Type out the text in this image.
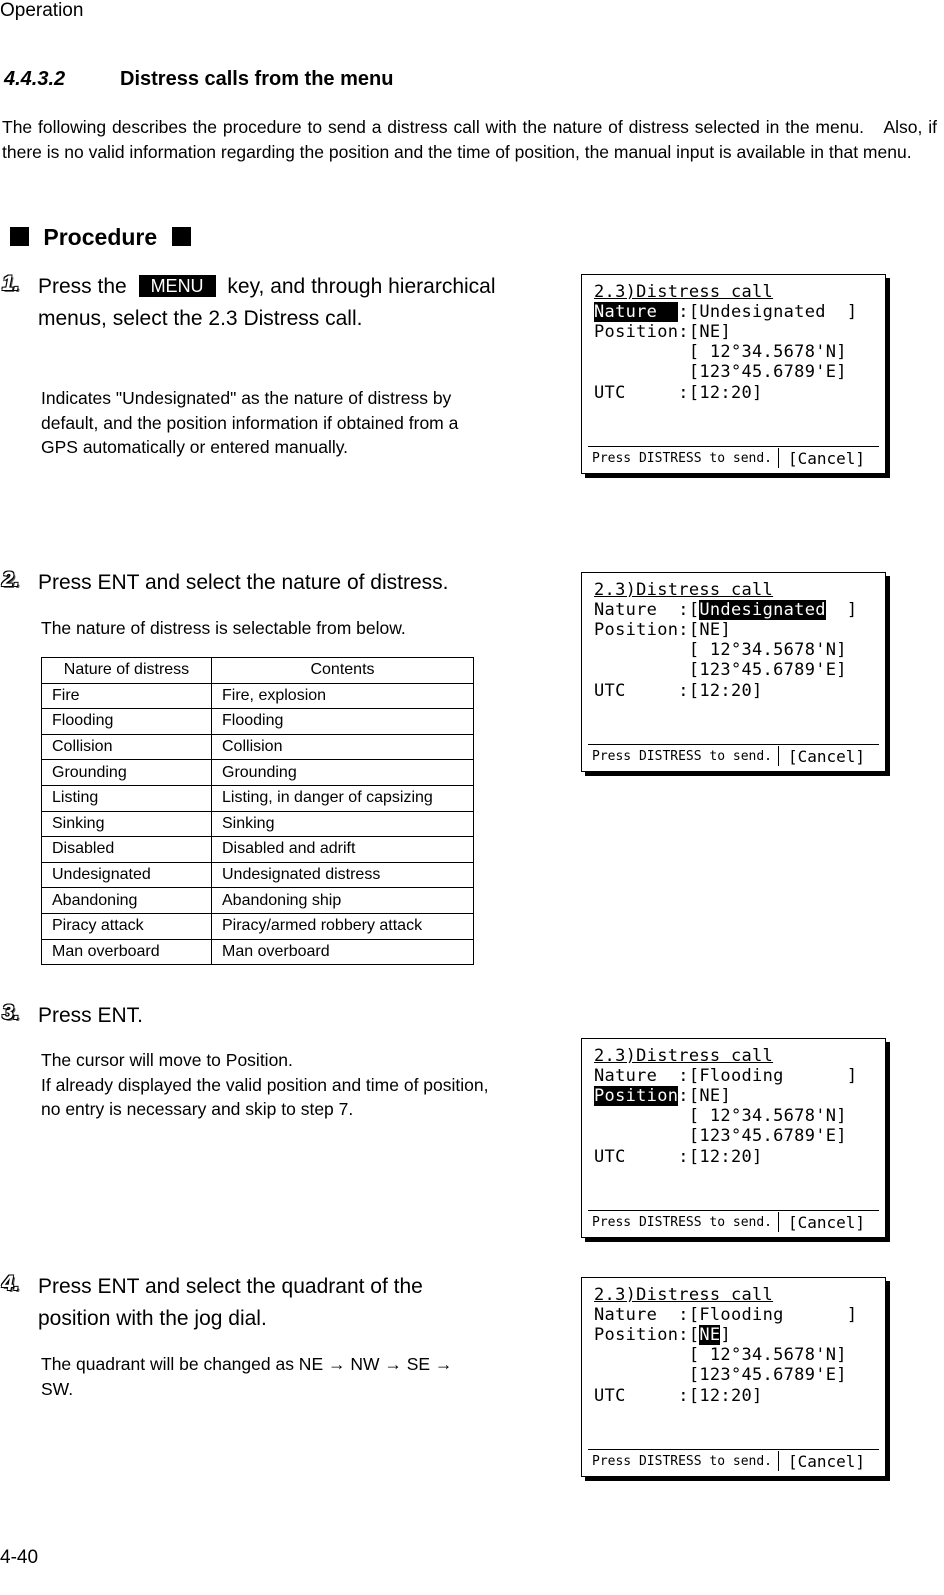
Operation
4.4.3.2	Distress calls from the menu
The following describes the procedure to send a distress call with the nature of distress selected in the menu.　Also, if there is no valid information regarding the position and the time of position, the manual input is available in that menu.
Procedure
1. Press the MENU key, and through hierarchical menus, select the 2.3 Distress call.
Indicates "Undesignated" as the nature of distress by default, and the position information if obtained from a GPS automatically or entered manually.
2. Press ENT and select the nature of distress.
The nature of distress is selectable from below.
Nature of distress	Contents
Fire	Fire, explosion
Flooding	Flooding
Collision	Collision
Grounding	Grounding
Listing	Listing, in danger of capsizing
Sinking	Sinking
Disabled	Disabled and adrift
Undesignated	Undesignated distress
Abandoning	Abandoning ship
Piracy attack	Piracy/armed robbery attack
Man overboard	Man overboard
3. Press ENT.
The cursor will move to Position.
If already displayed the valid position and time of position, no entry is necessary and skip to step 7.
4. Press ENT and select the quadrant of the position with the jog dial.
The quadrant will be changed as NE → NW → SE → SW.
2.3)Distress call
Nature  :[Undesignated  ]
Position:[NE]
[ 12°34.5678'N]
[123°45.6789'E]
UTC     :[12:20]
Press DISTRESS to send. [Cancel]
2.3)Distress call
Nature  :[Undesignated  ]
Position:[NE]
[ 12°34.5678'N]
[123°45.6789'E]
UTC     :[12:20]
Press DISTRESS to send. [Cancel]
2.3)Distress call
Nature  :[Flooding      ]
Position:[NE]
[ 12°34.5678'N]
[123°45.6789'E]
UTC     :[12:20]
Press DISTRESS to send. [Cancel]
2.3)Distress call
Nature  :[Flooding      ]
Position:[NE]
[ 12°34.5678'N]
[123°45.6789'E]
UTC     :[12:20]
Press DISTRESS to send. [Cancel]
4-40
